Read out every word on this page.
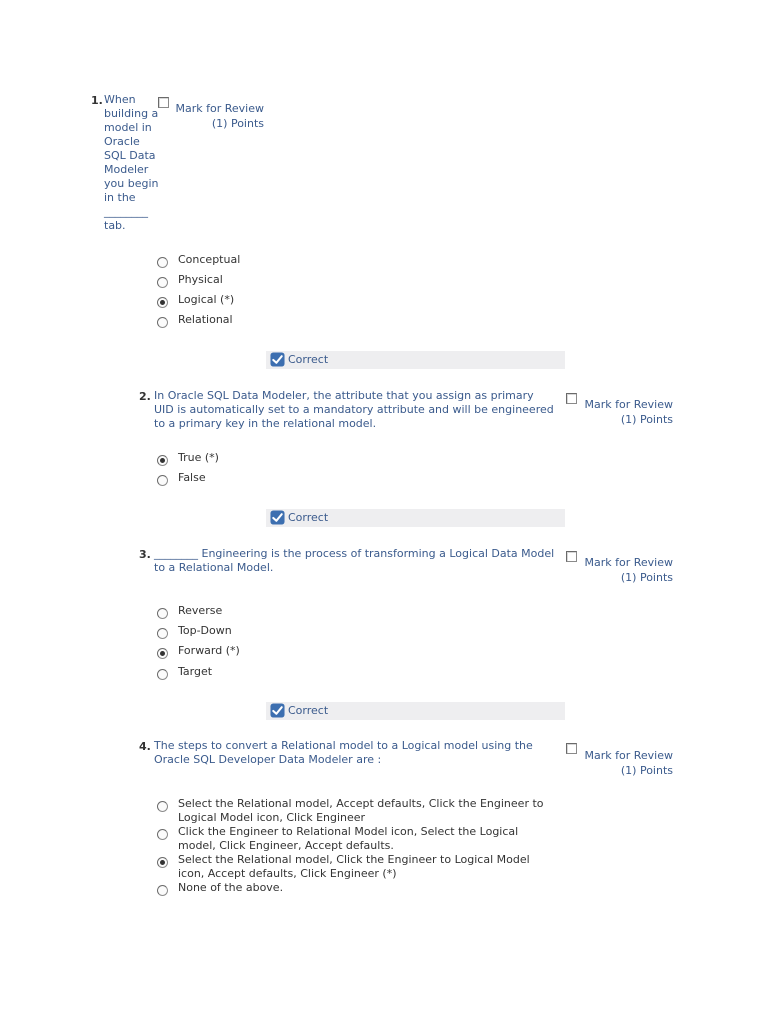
1. When building a model in Oracle SQL Data Modeler you begin in the ________ tab.
Mark for Review
(1) Points
Conceptual
Physical
Logical (*)
Relational
Correct
2. In Oracle SQL Data Modeler, the attribute that you assign as primary UID is automatically set to a mandatory attribute and will be engineered to a primary key in the relational model.
Mark for Review
(1) Points
True (*)
False
Correct
3. ________ Engineering is the process of transforming a Logical Data Model to a Relational Model.	Mark for Review
(1) Points
Reverse
Top-Down
Forward (*)
Target
Correct
4. The steps to convert a Relational model to a Logical model using the Oracle SQL Developer Data Modeler are :	Mark for Review
(1) Points
Select the Relational model, Accept defaults, Click the Engineer to Logical Model icon, Click Engineer
Click the Engineer to Relational Model icon, Select the Logical model, Click Engineer, Accept defaults.
Select the Relational model, Click the Engineer to Logical Model icon, Accept defaults, Click Engineer (*)
None of the above.
